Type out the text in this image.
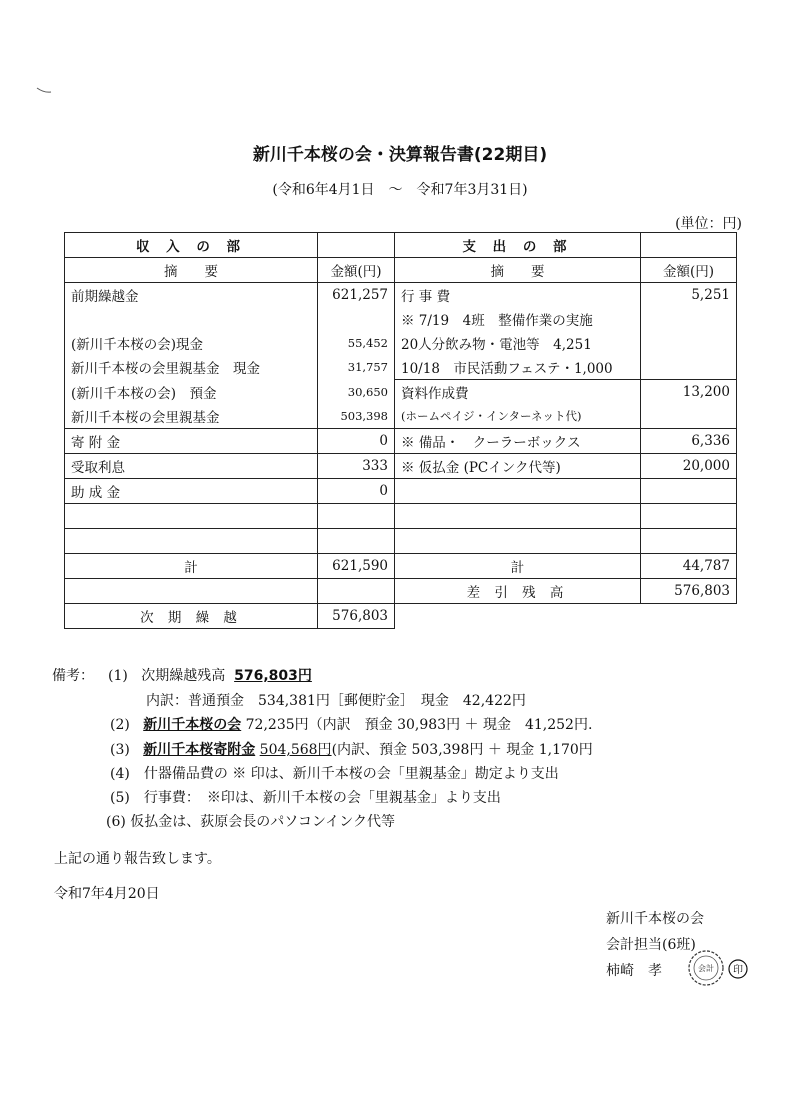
新川千本桜の会・決算報告書(22期目)
(令和6年4月1日　～　令和7年3月31日)
(単位：円)
収 入 の 部		支 出 の 部	
摘　　要	金額(円)	摘　　要	金額(円)
前期繰越金	621,257	行 事 費	5,251
		※ 7/19　4班　整備作業の実施	
(新川千本桜の会)現金	55,452	20人分飲み物・電池等　4,251	
新川千本桜の会里親基金　現金	31,757	10/18　市民活動フェステ・1,000	
(新川千本桜の会)　預金	30,650	資料作成費	13,200
新川千本桜の会里親基金	503,398	(ホームペイジ・インターネット代)	
寄 附 金	0	※ 備品・　クーラーボックス	6,336
受取利息	333	※ 仮払金 (PCインク代等)	20,000
助 成 金	0		

計	621,590	計	44,787
		差 引 残 高	576,803
次 期 繰 越	576,803		
備考： (1) 次期繰越残高 576,803円
内訳：普通預金　534,381円［郵便貯金］　現金　42,422円
(2) 新川千本桜の会 72,235円（内訳　預金 30,983円 ＋ 現金　41,252円.
(3) 新川千本桜寄附金 504,568円(内訳、預金 503,398円 ＋ 現金 1,170円
(4)　什器備品費の ※ 印は、新川千本桜の会「里親基金」勘定より支出
(5)　行事費：　※印は、新川千本桜の会「里親基金」より支出
(6) 仮払金は、荻原会長のパソコンインク代等
上記の通り報告致します。
令和7年4月20日
新川千本桜の会
会計担当(6班)
柿崎　孝	会計 印
